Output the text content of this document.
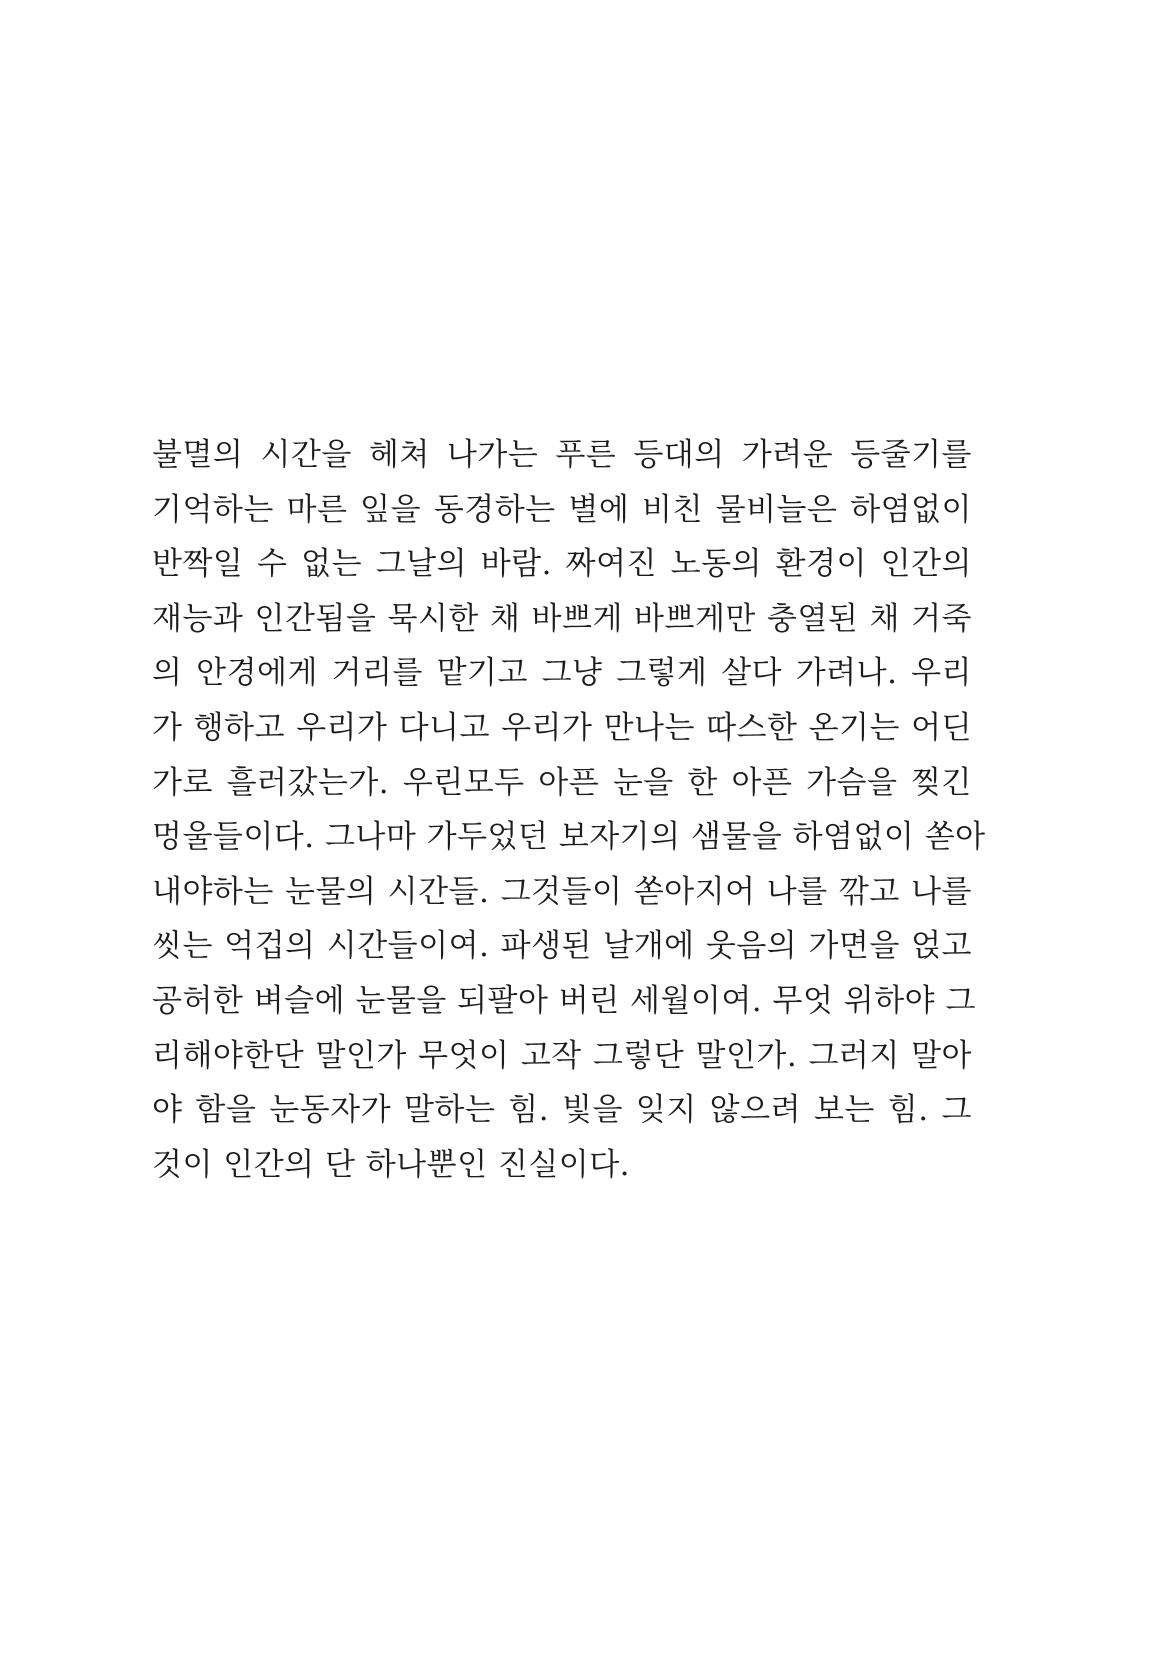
불멸의 시간을 헤쳐 나가는 푸른 등대의 가려운 등줄기를
기억하는 마른 잎을 동경하는 별에 비친 물비늘은 하염없이
반짝일 수 없는 그날의 바람. 짜여진 노동의 환경이 인간의
재능과 인간됨을 묵시한 채 바쁘게 바쁘게만 충열된 채 거죽
의 안경에게 거리를 맡기고 그냥 그렇게 살다 가려나. 우리
가 행하고 우리가 다니고 우리가 만나는 따스한 온기는 어딘
가로 흘러갔는가. 우린모두 아픈 눈을 한 아픈 가슴을 찢긴
멍울들이다. 그나마 가두었던 보자기의 샘물을 하염없이 쏟아
내야하는 눈물의 시간들. 그것들이 쏟아지어 나를 깎고 나를
씻는 억겁의 시간들이여. 파생된 날개에 웃음의 가면을 얹고
공허한 벼슬에 눈물을 되팔아 버린 세월이여. 무엇 위하야 그
리해야한단 말인가 무엇이 고작 그렇단 말인가. 그러지 말아
야 함을 눈동자가 말하는 힘. 빛을 잊지 않으려 보는 힘. 그
것이 인간의 단 하나뿐인 진실이다.
